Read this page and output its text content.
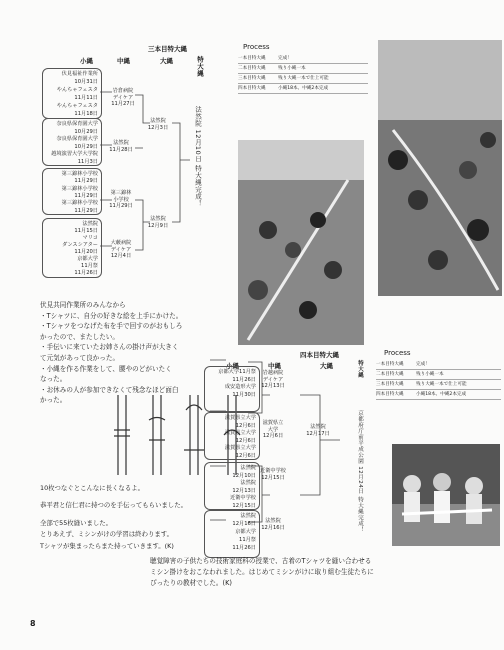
三本目特大縄
小縄	中縄	大縄	特大縄
伏見福祉作業所
10月31日
やんちゃフェスタ
11月11日
やんちゃフェスタ
11月18日
奈良県保育園大学
10月29日
奈良県保育園大学
10月29日
越境演習大学大学院
11月3日
第三錦林小学校
11月29日
第三錦林小学校
11月29日
第三錦林小学校
11月29日
法然院
11月15日
マリコ
ダンスシアター
11月20日
京都大学
11月祭
11月26日
岩倉病院
デイケア
11月27日
法然院
11月28日
第三錦林
小学校
11月29日
大藪病院
デイケア
12月4日
法然院
12月3日
法然院
12月9日
法然院 12月10日 特大縄完成！
Process
一本目特大縄	完成！
二本目特大縄	残り小縄一本
三本目特大縄	残り大縄一本で仕上可能
四本目特大縄	小縄18本、中縄2本完成
伏見共同作業所のみんなから
・Tシャツに、自分の好きな絵を上手にかけた。
・Tシャツをつなげた布を手で回すのがおもしろ
かったので、またしたい。
・手伝いに来ていたお姉さんの掛け声が大きく
て元気があって良かった。
・小縄を作る作業をして、腰やのどがいたく
なった。
・お休みの人が参加できなくて残念なほど面白
かった。
10枚つなぐとこんなに長くなるよ。
恭平君と信仁君に持つのを手伝ってもらいました。
全部で55枚縫いました。
とりあえず、ミシンがけの学習は終わります。
Tシャツが集まったらまた持っていきます。(K)
四本目特大縄
小縄	中縄	大縄	特大縄
京都大学11月祭
11月26日
成安造形大学
11月30日
滋賀県立大学
12月6日
滋賀県立大学
12月6日
滋賀県立大学
12月6日
法然院
12月10日
法然院
12月13日
近衛中学校
12月15日
法然院
12月16日
京都大学
11月祭
11月26日
岩越病院
デイケア
12月13日
滋賀県立
大学
12月6日
近衛中学校
12月15日
法然院
12月16日
法然院
12月17日	京都府庁前平成公園 12月24日 特大縄完成！
Process
一本目特大縄	完成！
二本目特大縄	残り小縄一本
三本目特大縄	残り大縄一本で仕上可能
四本目特大縄	小縄18本、中縄2本完成
聴覚障害の子供たちの技術家庭科の授業で、古着のTシャツを縫い合わせる
ミシン掛けをおこなわれました。はじめてミシンがけに取り組む生徒たちに
ぴったりの教材でした。(K)
8
